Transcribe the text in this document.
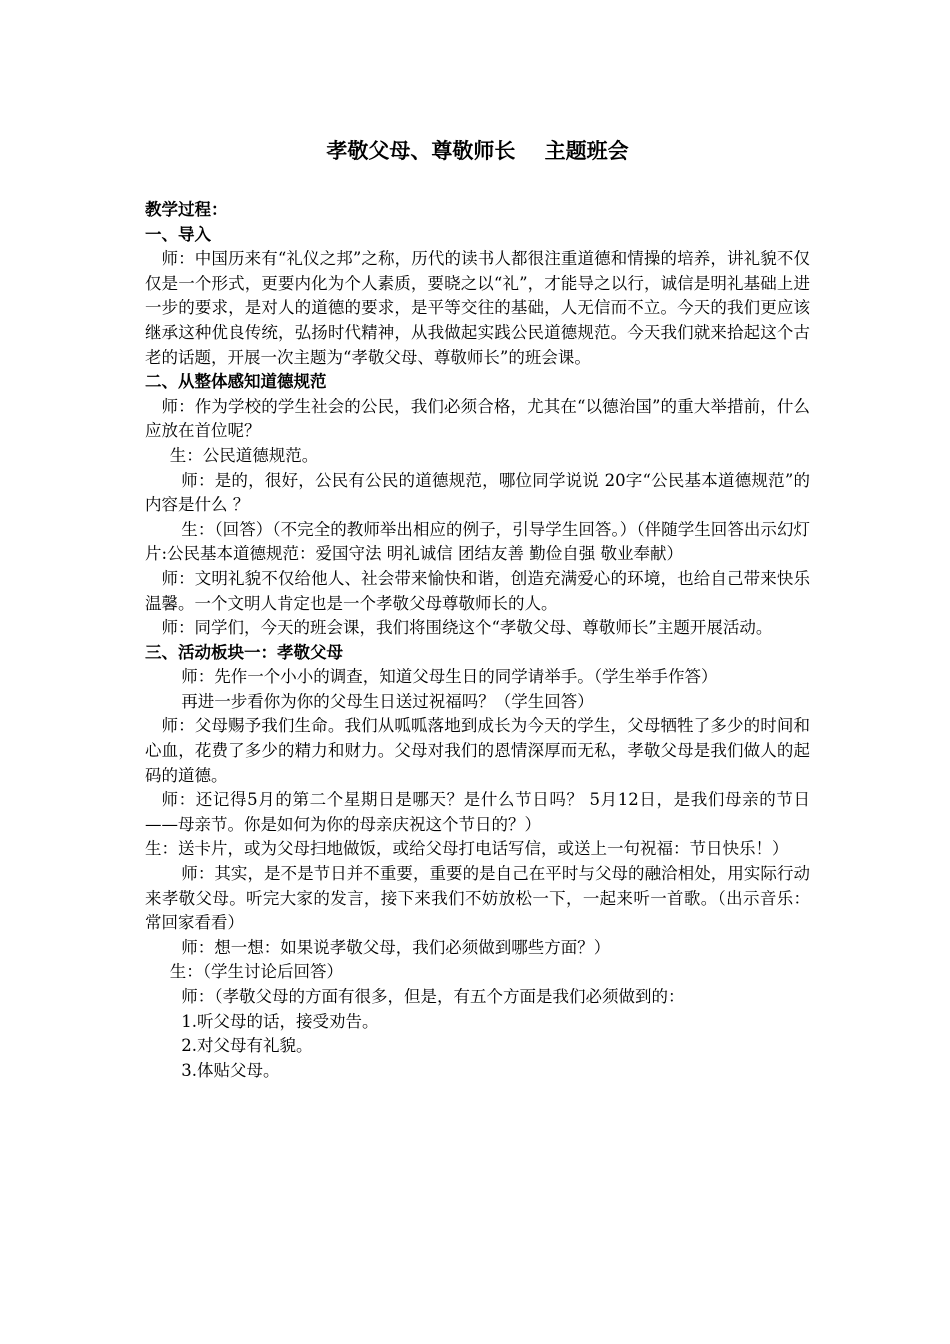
孝敬父母、尊敬师长    主题班会

教学过程：

一、导入

师：中国历来有“礼仪之邦”之称，历代的读书人都很注重道德和情操的培养，讲礼貌不仅仅是一个形式，更要内化为个人素质，要晓之以“礼”，才能导之以行，诚信是明礼基础上进一步的要求，是对人的道德的要求，是平等交往的基础，人无信而不立。今天的我们更应该继承这种优良传统，弘扬时代精神，从我做起实践公民道德规范。今天我们就来拾起这个古老的话题，开展一次主题为“孝敬父母、尊敬师长”的班会课。

二、从整体感知道德规范

师：作为学校的学生社会的公民，我们必须合格，尤其在“以德治国”的重大举措前，什么应放在首位呢？

生：公民道德规范。

师：是的，很好，公民有公民的道德规范，哪位同学说说 20字“公民基本道德规范”的内容是什么 ？

生：（回答）（不完全的教师举出相应的例子，引导学生回答。）（伴随学生回答出示幻灯片:公民基本道德规范：爱国守法 明礼诚信 团结友善 勤俭自强 敬业奉献）

师：文明礼貌不仅给他人、社会带来愉快和谐，创造充满爱心的环境，也给自己带来快乐温馨。一个文明人肯定也是一个孝敬父母尊敬师长的人。

师：同学们，今天的班会课，我们将围绕这个“孝敬父母、尊敬师长”主题开展活动。

三、活动板块一：孝敬父母

师：先作一个小小的调查，知道父母生日的同学请举手。（学生举手作答）

再进一步看你为你的父母生日送过祝福吗？（学生回答）

师：父母赐予我们生命。我们从呱呱落地到成长为今天的学生，父母牺牲了多少的时间和心血，花费了多少的精力和财力。父母对我们的恩情深厚而无私，孝敬父母是我们做人的起码的道德。

师：还记得5月的第二个星期日是哪天？是什么节日吗？ 5月12日，是我们母亲的节日——母亲节。你是如何为你的母亲庆祝这个节日的？）

生：送卡片，或为父母扫地做饭，或给父母打电话写信，或送上一句祝福：节日快乐！）

师：其实，是不是节日并不重要，重要的是自己在平时与父母的融洽相处，用实际行动来孝敬父母。听完大家的发言，接下来我们不妨放松一下，一起来听一首歌。（出示音乐：常回家看看）

师：想一想：如果说孝敬父母，我们必须做到哪些方面？）

生：（学生讨论后回答）

师：（孝敬父母的方面有很多，但是，有五个方面是我们必须做到的：

1.听父母的话，接受劝告。

2.对父母有礼貌。

3.体贴父母。
